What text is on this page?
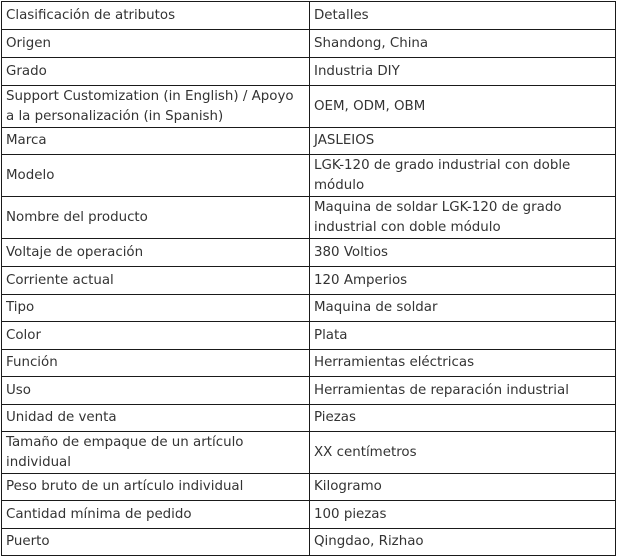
Clasificación de atributos	Detalles
Origen	Shandong, China
Grado	Industria DIY
Support Customization (in English) / Apoyo a la personalización (in Spanish)	OEM, ODM, OBM
Marca	JASLEIOS
Modelo	LGK-120 de grado industrial con doble módulo
Nombre del producto	Maquina de soldar LGK-120 de grado industrial con doble módulo
Voltaje de operación	380 Voltios
Corriente actual	120 Amperios
Tipo	Maquina de soldar
Color	Plata
Función	Herramientas eléctricas
Uso	Herramientas de reparación industrial
Unidad de venta	Piezas
Tamaño de empaque de un artículo individual	XX centímetros
Peso bruto de un artículo individual	Kilogramo
Cantidad mínima de pedido	100 piezas
Puerto	Qingdao, Rizhao
